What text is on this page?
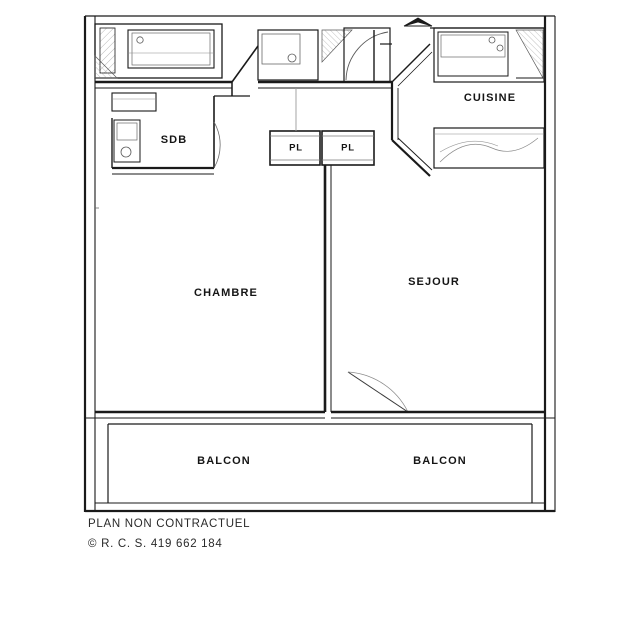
CHAMBRE
SEJOUR
CUISINE
SDB
PL	PL
BALCON	BALCON
PLAN NON CONTRACTUEL
© R. C. S. 419 662 184
